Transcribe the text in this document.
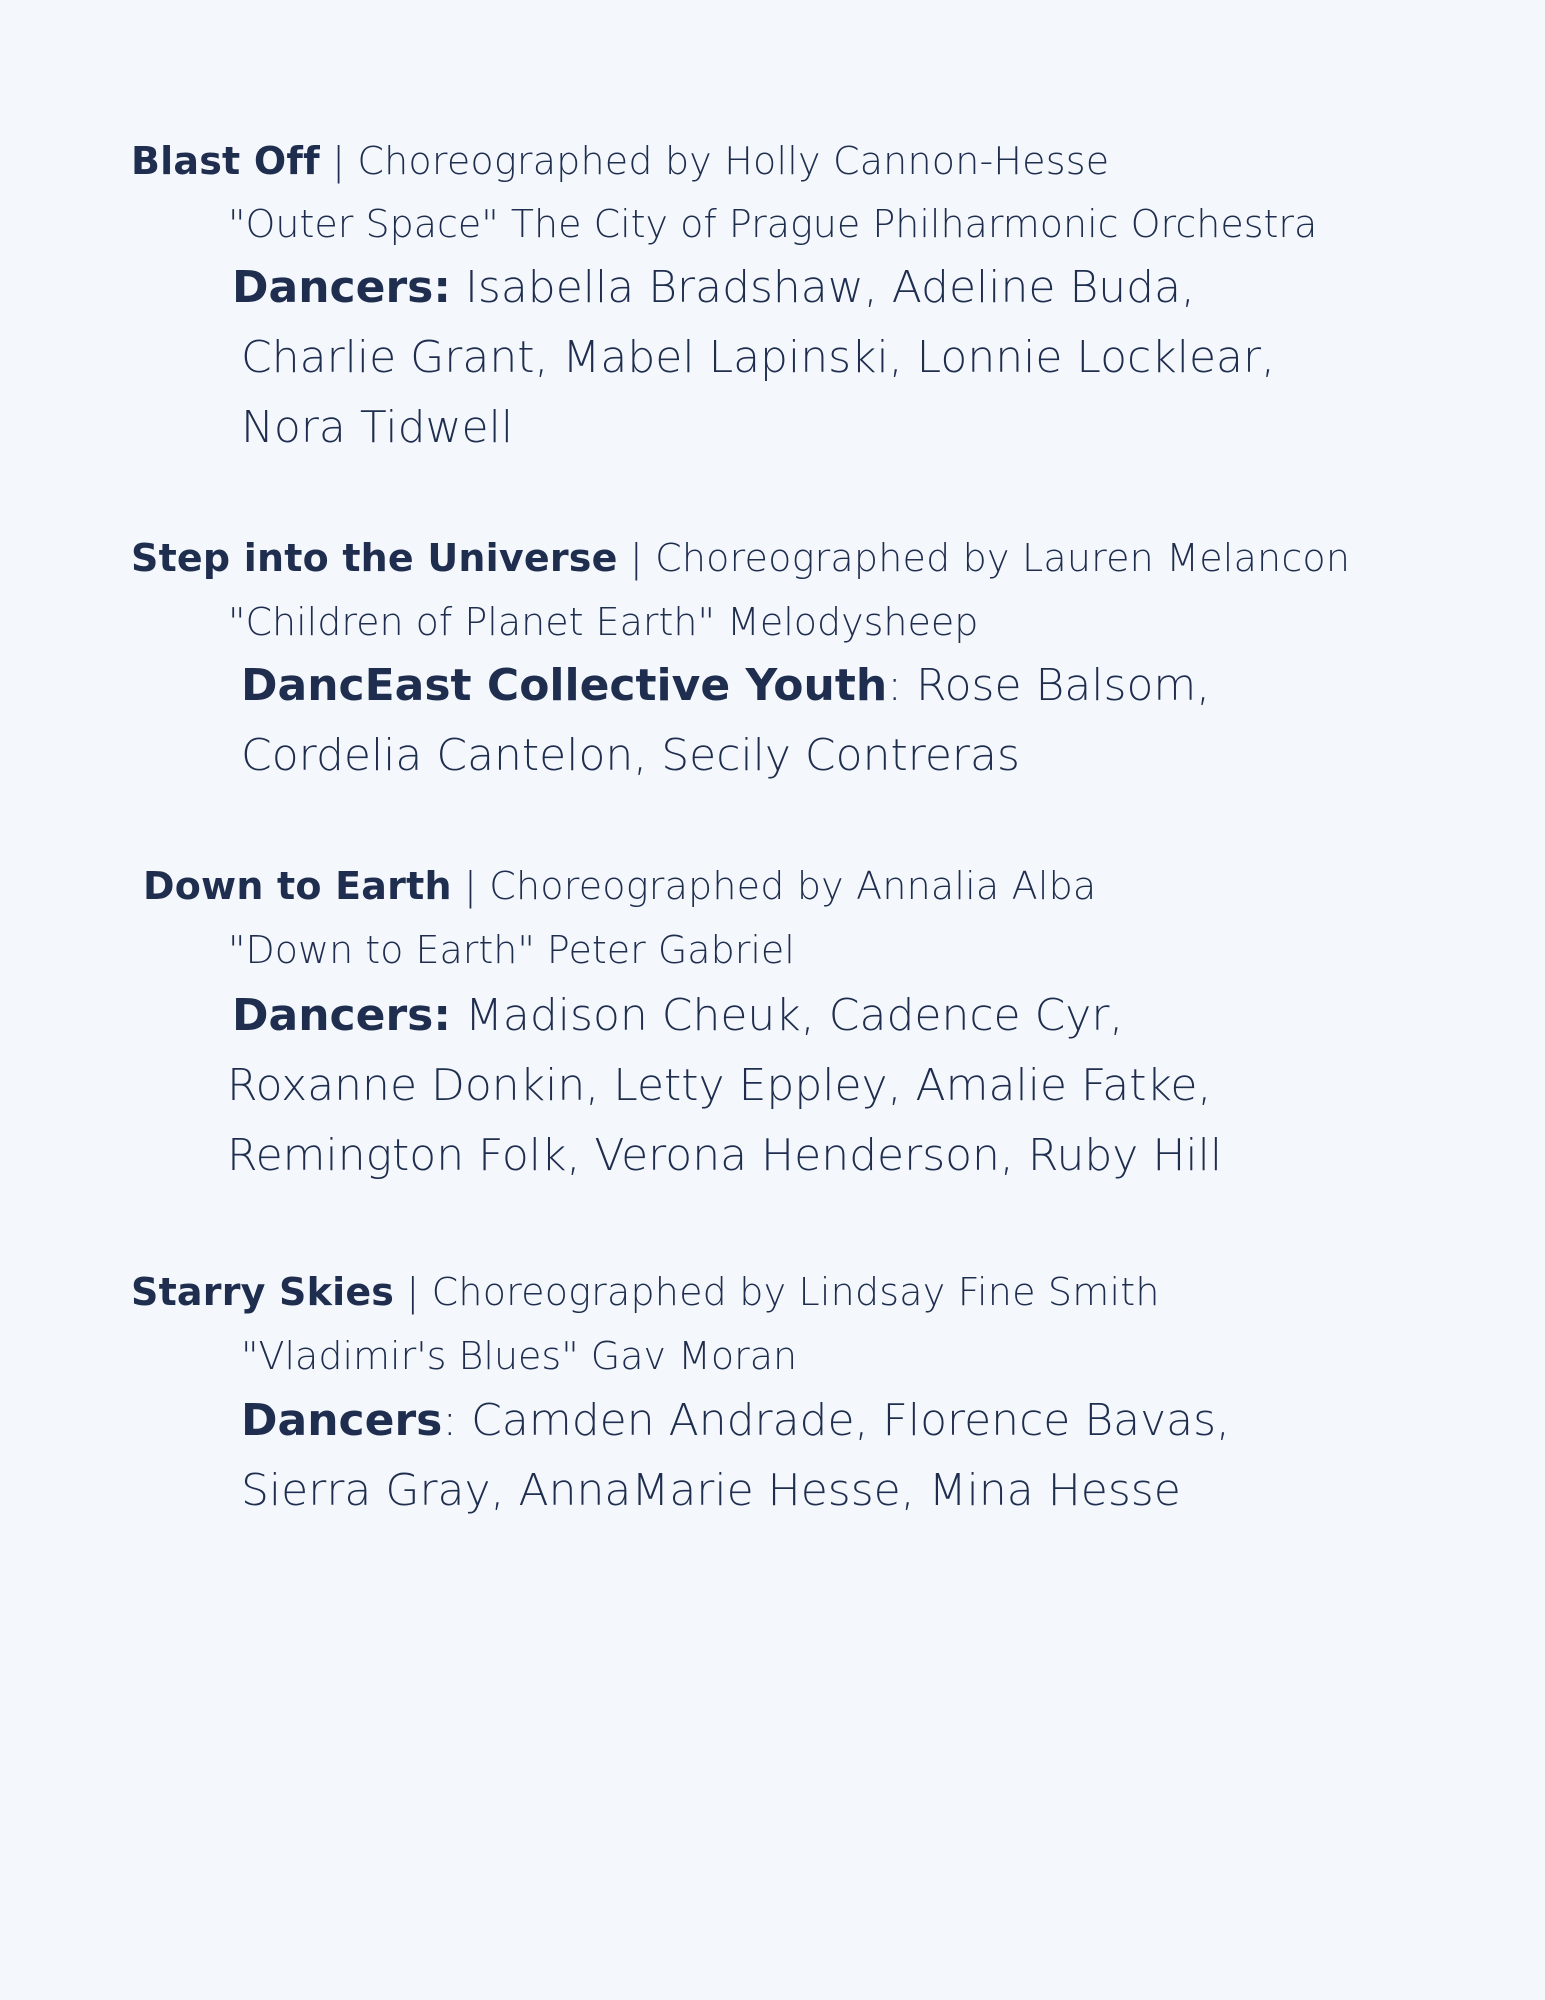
Blast Off | Choreographed by Holly Cannon-Hesse

"Outer Space" The City of Prague Philharmonic Orchestra

Dancers: Isabella Bradshaw, Adeline Buda,

Charlie Grant, Mabel Lapinski, Lonnie Locklear,

Nora Tidwell

Step into the Universe | Choreographed by Lauren Melancon

"Children of Planet Earth" Melodysheep

DancEast Collective Youth: Rose Balsom,

Cordelia Cantelon, Secily Contreras

Down to Earth | Choreographed by Annalia Alba

"Down to Earth" Peter Gabriel

Dancers: Madison Cheuk, Cadence Cyr,

Roxanne Donkin, Letty Eppley, Amalie Fatke,

Remington Folk, Verona Henderson, Ruby Hill

Starry Skies | Choreographed by Lindsay Fine Smith

"Vladimir's Blues" Gav Moran

Dancers: Camden Andrade, Florence Bavas,

Sierra Gray, AnnaMarie Hesse, Mina Hesse
